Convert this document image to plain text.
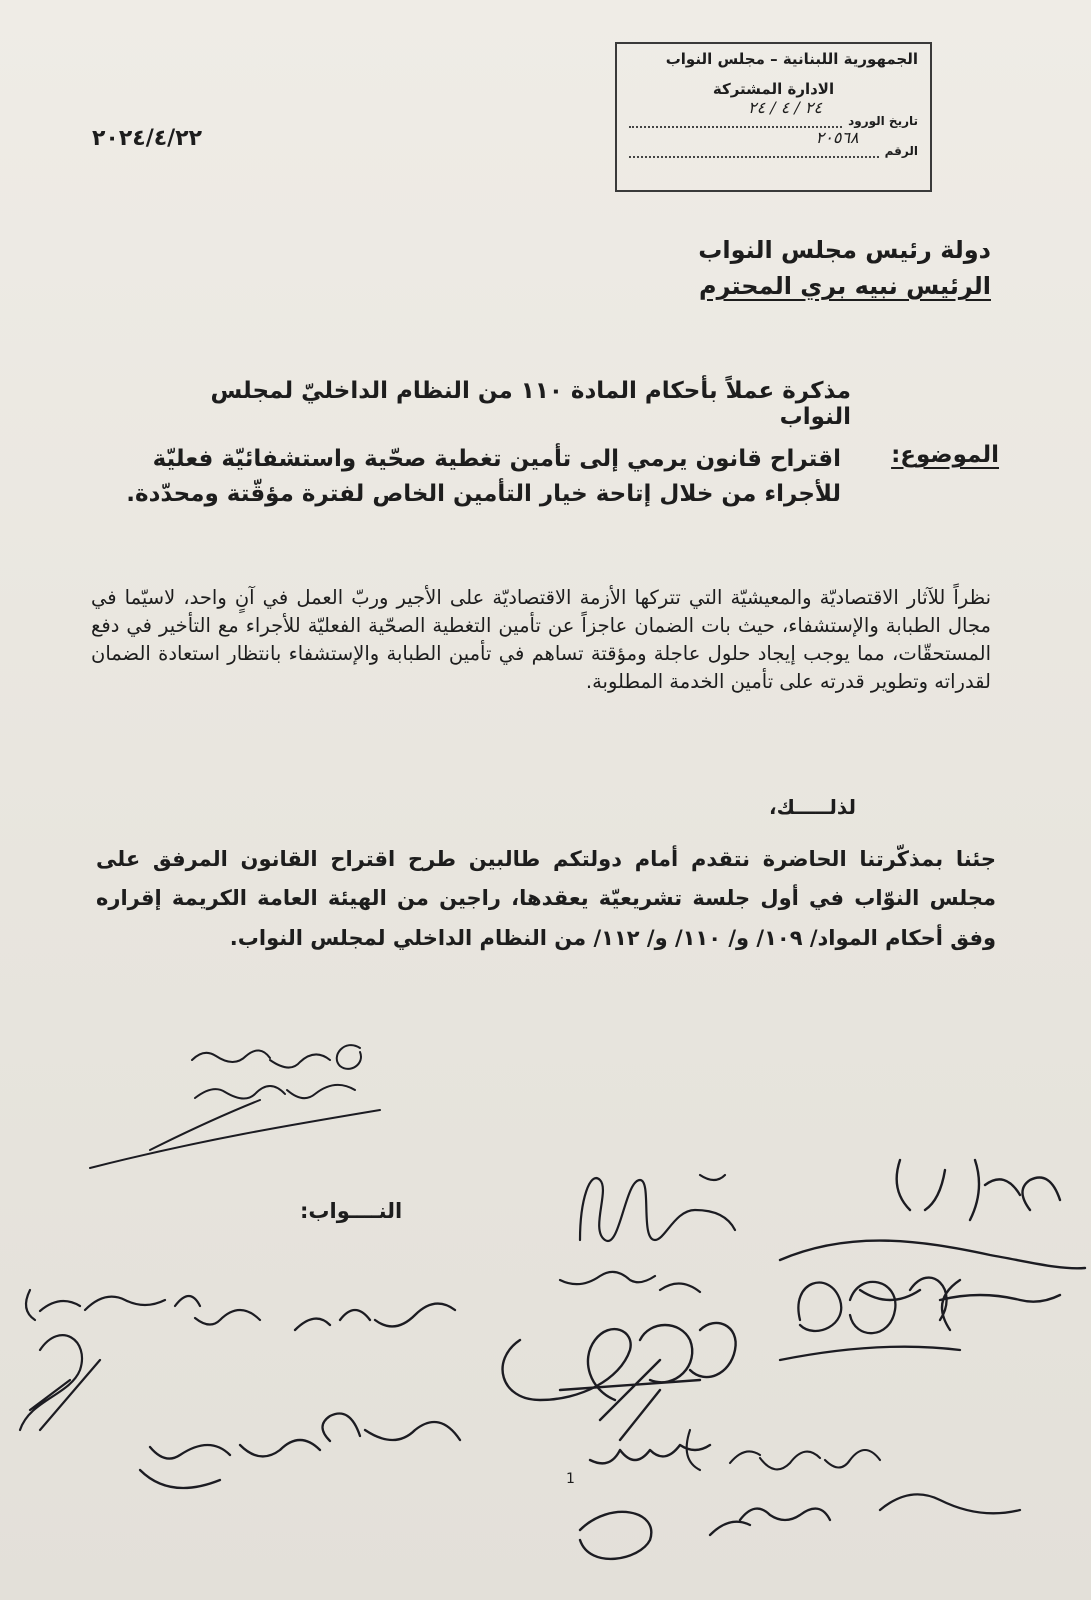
الجمهورية اللبنانية – مجلس النواب
الادارة المشتركة
تاريخ الورود
٢٤ / ٤ / ٢٤
الرقم
٢٠٥٦٨
٢٠٢٤/٤/٢٢
دولة رئيس مجلس النواب
الرئيس نبيه بري المحترم
مذكرة عملاً بأحكام المادة ١١٠ من النظام الداخليّ لمجلس النواب
الموضوع:
اقتراح قانون يرمي إلى تأمين تغطية صحّية واستشفائيّة فعليّة للأجراء من خلال إتاحة خيار التأمين الخاص لفترة مؤقّتة ومحدّدة.
نظراً للآثار الاقتصاديّة والمعيشيّة التي تتركها الأزمة الاقتصاديّة على الأجير وربّ العمل في آنٍ واحد، لاسيّما في مجال الطبابة والإستشفاء، حيث بات الضمان عاجزاً عن تأمين التغطية الصحّية الفعليّة للأجراء مع التأخير في دفع المستحقّات، مما يوجب إيجاد حلول عاجلة ومؤقتة تساهم في تأمين الطبابة والإستشفاء بانتظار استعادة الضمان لقدراته وتطوير قدرته على تأمين الخدمة المطلوبة.
لذلـــــك،
جئنا بمذكّرتنا الحاضرة نتقدم أمام دولتكم طالبين طرح اقتراح القانون المرفق على مجلس النوّاب في أول جلسة تشريعيّة يعقدها، راجين من الهيئة العامة الكريمة إقراره وفق أحكام المواد/ ١٠٩/ و/ ١١٠/ و/ ١١٢/ من النظام الداخلي لمجلس النواب.
النــــواب:
1
